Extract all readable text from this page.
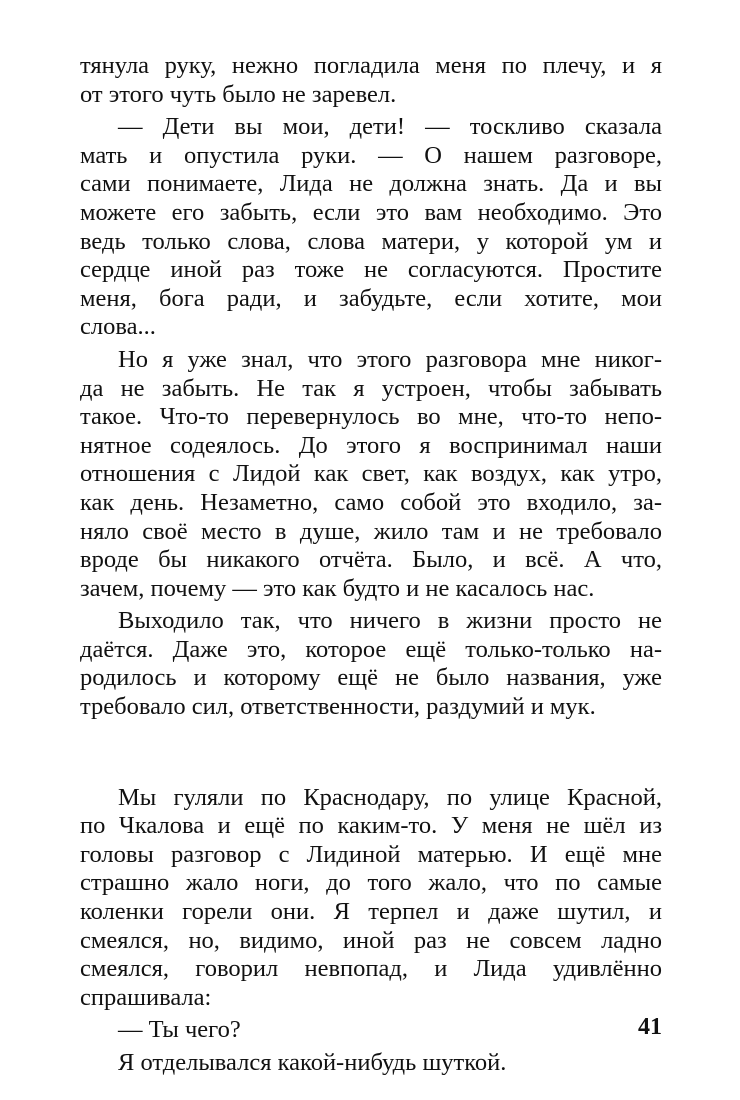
тянула руку, нежно погладила меня по плечу, и я
от этого чуть было не заревел.
— Дети вы мои, дети! — тоскливо сказала
мать и опустила руки. — О нашем разговоре,
сами понимаете, Лида не должна знать. Да и вы
можете его забыть, если это вам необходимо. Это
ведь только слова, слова матери, у которой ум и
сердце иной раз тоже не согласуются. Простите
меня, бога ради, и забудьте, если хотите, мои
слова...
Но я уже знал, что этого разговора мне никог-
да не забыть. Не так я устроен, чтобы забывать
такое. Что-то перевернулось во мне, что-то непо-
нятное содеялось. До этого я воспринимал наши
отношения с Лидой как свет, как воздух, как утро,
как день. Незаметно, само собой это входило, за-
няло своё место в душе, жило там и не требовало
вроде бы никакого отчёта. Было, и всё. А что,
зачем, почему — это как будто и не касалось нас.
Выходило так, что ничего в жизни просто не
даётся. Даже это, которое ещё только-только на-
родилось и которому ещё не было названия, уже
требовало сил, ответственности, раздумий и мук.
Мы гуляли по Краснодару, по улице Красной,
по Чкалова и ещё по каким-то. У меня не шёл из
головы разговор с Лидиной матерью. И ещё мне
страшно жало ноги, до того жало, что по самые
коленки горели они. Я терпел и даже шутил, и
смеялся, но, видимо, иной раз не совсем ладно
смеялся, говорил невпопад, и Лида удивлённо
спрашивала:
— Ты чего?
Я отделывался какой-нибудь шуткой.
41
